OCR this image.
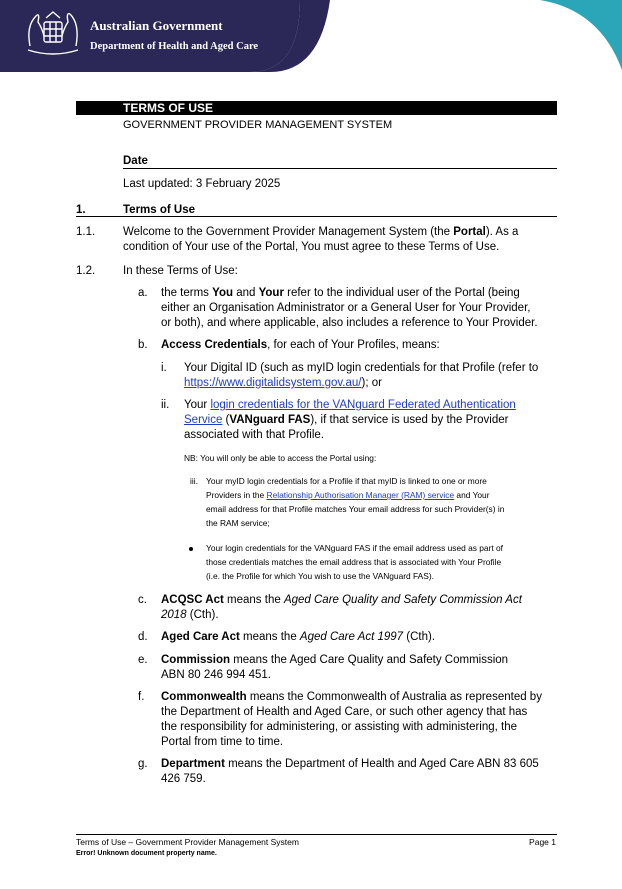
Australian Government
Department of Health and Aged Care
TERMS OF USE
GOVERNMENT PROVIDER MANAGEMENT SYSTEM
Date
Last updated: 3 February 2025
1.	Terms of Use
1.1. Welcome to the Government Provider Management System (the Portal). As a
condition of Your use of the Portal, You must agree to these Terms of Use.
1.2. In these Terms of Use:
a. the terms You and Your refer to the individual user of the Portal (being
either an Organisation Administrator or a General User for Your Provider,
or both), and where applicable, also includes a reference to Your Provider.
b. Access Credentials, for each of Your Profiles, means:
i. Your Digital ID (such as myID login credentials for that Profile (refer to
https://www.digitalidsystem.gov.au/); or
ii. Your login credentials for the VANguard Federated Authentication
Service (VANguard FAS), if that service is used by the Provider
associated with that Profile.
NB: You will only be able to access the Portal using:
iii. Your myID login credentials for a Profile if that myID is linked to one or more
Providers in the Relationship Authorisation Manager (RAM) service and Your
email address for that Profile matches Your email address for such Provider(s) in
the RAM service;
Your login credentials for the VANguard FAS if the email address used as part of
those credentials matches the email address that is associated with Your Profile
(i.e. the Profile for which You wish to use the VANguard FAS).
c. ACQSC Act means the Aged Care Quality and Safety Commission Act
2018 (Cth).
d. Aged Care Act means the Aged Care Act 1997 (Cth).
e. Commission means the Aged Care Quality and Safety Commission
ABN 80 246 994 451.
f. Commonwealth means the Commonwealth of Australia as represented by
the Department of Health and Aged Care, or such other agency that has
the responsibility for administering, or assisting with administering, the
Portal from time to time.
g. Department means the Department of Health and Aged Care ABN 83 605
426 759.
Terms of Use – Government Provider Management System	Page 1
Error! Unknown document property name.
